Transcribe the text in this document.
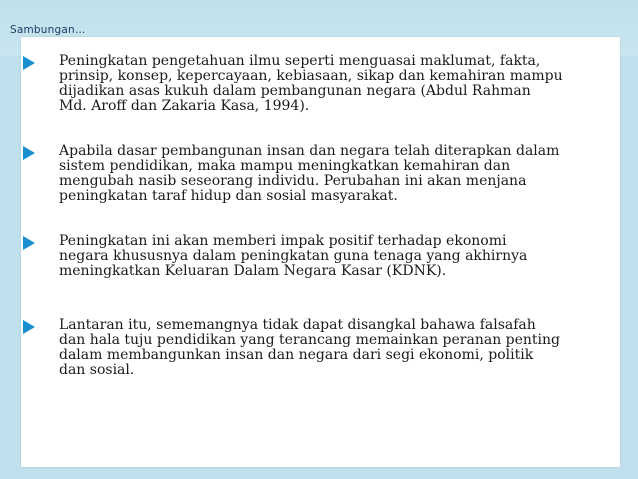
Sambungan…

Peningkatan pengetahuan ilmu seperti menguasai maklumat, fakta,
prinsip, konsep, kepercayaan, kebiasaan, sikap dan kemahiran mampu
dijadikan asas kukuh dalam pembangunan negara (Abdul Rahman
Md. Aroff dan Zakaria Kasa, 1994).

Apabila dasar pembangunan insan dan negara telah diterapkan dalam
sistem pendidikan, maka mampu meningkatkan kemahiran dan
mengubah nasib seseorang individu. Perubahan ini akan menjana
peningkatan taraf hidup dan sosial masyarakat.

Peningkatan ini akan memberi impak positif terhadap ekonomi
negara khususnya dalam peningkatan guna tenaga yang akhirnya
meningkatkan Keluaran Dalam Negara Kasar (KDNK).

Lantaran itu, sememangnya tidak dapat disangkal bahawa falsafah
dan hala tuju pendidikan yang terancang memainkan peranan penting
dalam membangunkan insan dan negara dari segi ekonomi, politik
dan sosial.
